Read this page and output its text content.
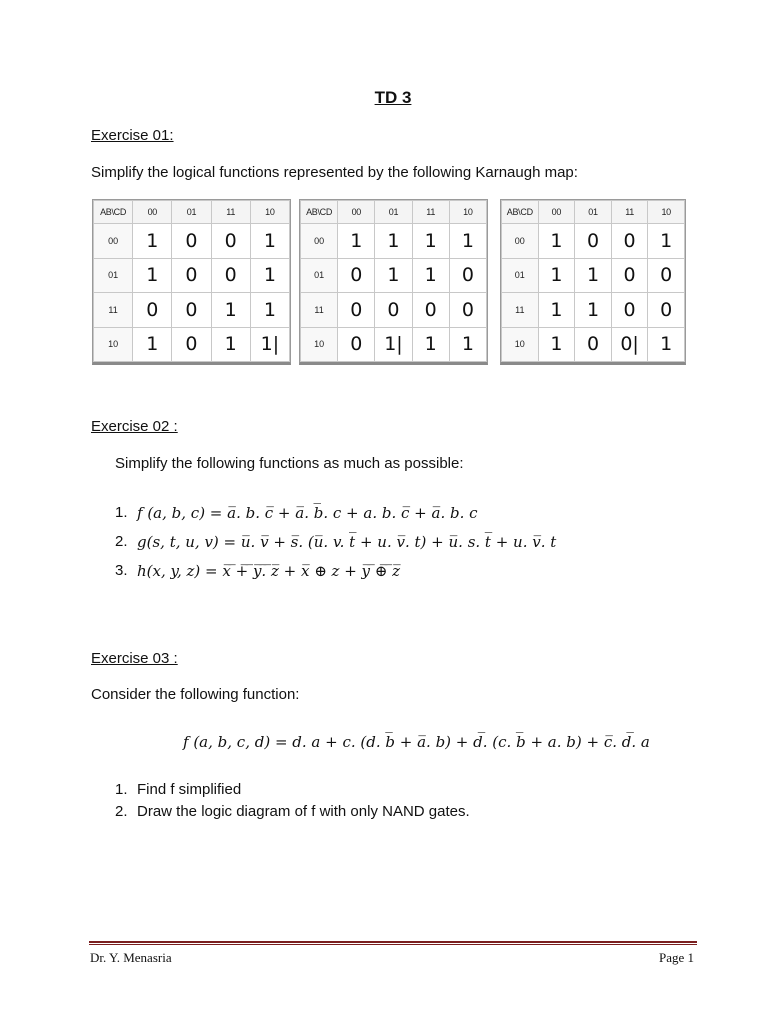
TD 3
Exercise 01:
Simplify the logical functions represented by the following Karnaugh map:
AB\CD	00	01	11	10
00	1	0	0	1
01	1	0	0	1
11	0	0	1	1
10	1	0	1	1|
AB\CD	00	01	11	10
00	1	1	1	1
01	0	1	1	0
11	0	0	0	0
10	0	1|	1	1
AB\CD	00	01	11	10
00	1	0	0	1
01	1	1	0	0
11	1	1	0	0
10	1	0	0|	1
Exercise 02 :
Simplify the following functions as much as possible:
1. f (a, b, c) = a̅. b. c̅ + a̅. b̅. c + a. b. c̅ + a̅. b. c
2. g(s, t, u, v) = u̅. v̅ + s̅. (u̅. v. t̅ + u. v̅. t) + u̅. s. t̅ + u. v̅. t
3. h(x, y, z) = x̅ ̅+̅ ̅y̅.̅ ̅z̅ + x̅ ⊕ z + y̅ ̅⊕̅ ̅z̅
Exercise 03 :
Consider the following function:
f (a, b, c, d) = d. a + c. (d. b̅ + a̅. b) + d̅. (c. b̅ + a. b) + c̅. d̅. a
1. Find f simplified
2. Draw the logic diagram of f with only NAND gates.
Dr. Y. Menasria	Page 1
